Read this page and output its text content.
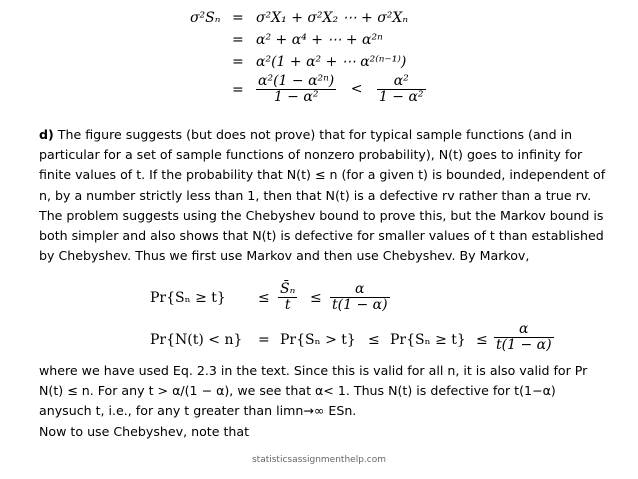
σ²Sₙ = σ²X₁ + σ²X₂ ⋯ + σ²Xₙ
= α² + α⁴ + ⋯ + α²ⁿ
= α²(1 + α² + ⋯ α²⁽ⁿ⁻¹⁾)
= $\frac{\text{α²(1 − α²ⁿ)}}{\text{1 − α²}} < \frac{\text{α²}}{\text{1 − α²}}$

d) The figure suggests (but does not prove) that for typical sample functions (and in particular for a set of sample functions of nonzero probability), N(t) goes to infinity for finite values of t. If the probability that N(t) ≤ n (for a given t) is bounded, independent of n, by a number strictly less than 1, then that N(t) is a defective rv rather than a true rv.

The problem suggests using the Chebyshev bound to prove this, but the Markov bound is both simpler and also shows that N(t) is defective for smaller values of t than established by Chebyshev. Thus we first use Markov and then use Chebyshev. By Markov,

$Pr\{S_n \ge t\} \le \frac{\text{S̄ₙ}}{t} \le \frac{\alpha}{t(1 - \alpha)}$
$Pr\{N(t) < n\} = Pr\{S_n > t\} \le Pr\{S_n \ge t\} \le \frac{\alpha}{t(1 - \alpha)}$

where we have used Eq. 2.3 in the text. Since this is valid for all n, it is also valid for Pr

N(t) ≤ n. For any t > α/(1 − α), we see that α< 1. Thus N(t) is defective for t(1−α)

anysuch t, i.e., for any t greater than limn→∞ ESn.

Now to use Chebyshev, note that

statisticsassignmenthelp.com
